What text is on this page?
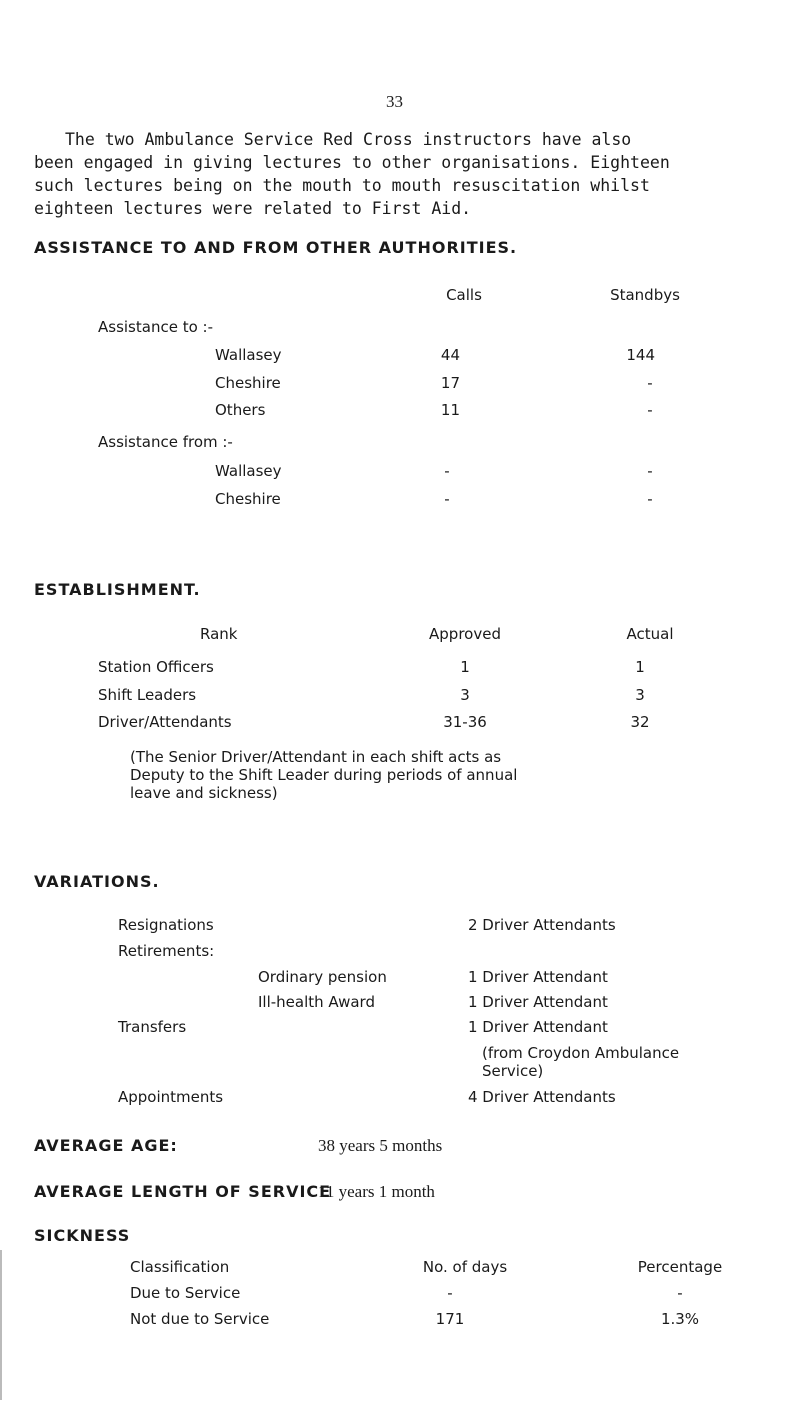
33
The two Ambulance Service Red Cross instructors have also
been engaged in giving lectures to other organisations. Eighteen
such lectures being on the mouth to mouth resuscitation whilst
eighteen lectures were related to First Aid.
ASSISTANCE TO AND FROM OTHER AUTHORITIES.
Calls	Standbys
Assistance to :-
Wallasey	44	144
Cheshire	17	-
Others	11	-
Assistance from :-
Wallasey	-	-
Cheshire	-	-
ESTABLISHMENT.
Rank	Approved	Actual
Station Officers	1	1
Shift Leaders	3	3
Driver/Attendants	31-36	32
(The Senior Driver/Attendant in each shift acts as
Deputy to the Shift Leader during periods of annual
leave and sickness)
VARIATIONS.
Resignations	2 Driver Attendants
Retirements:
Ordinary pension	1 Driver Attendant
Ill-health Award	1 Driver Attendant
Transfers	1 Driver Attendant
(from Croydon Ambulance
Service)
Appointments	4 Driver Attendants
AVERAGE AGE:	38 years 5 months
AVERAGE LENGTH OF SERVICE
11 years 1 month
SICKNESS
Classification	No. of days	Percentage
Due to Service	-	-
Not due to Service	171	1.3%
